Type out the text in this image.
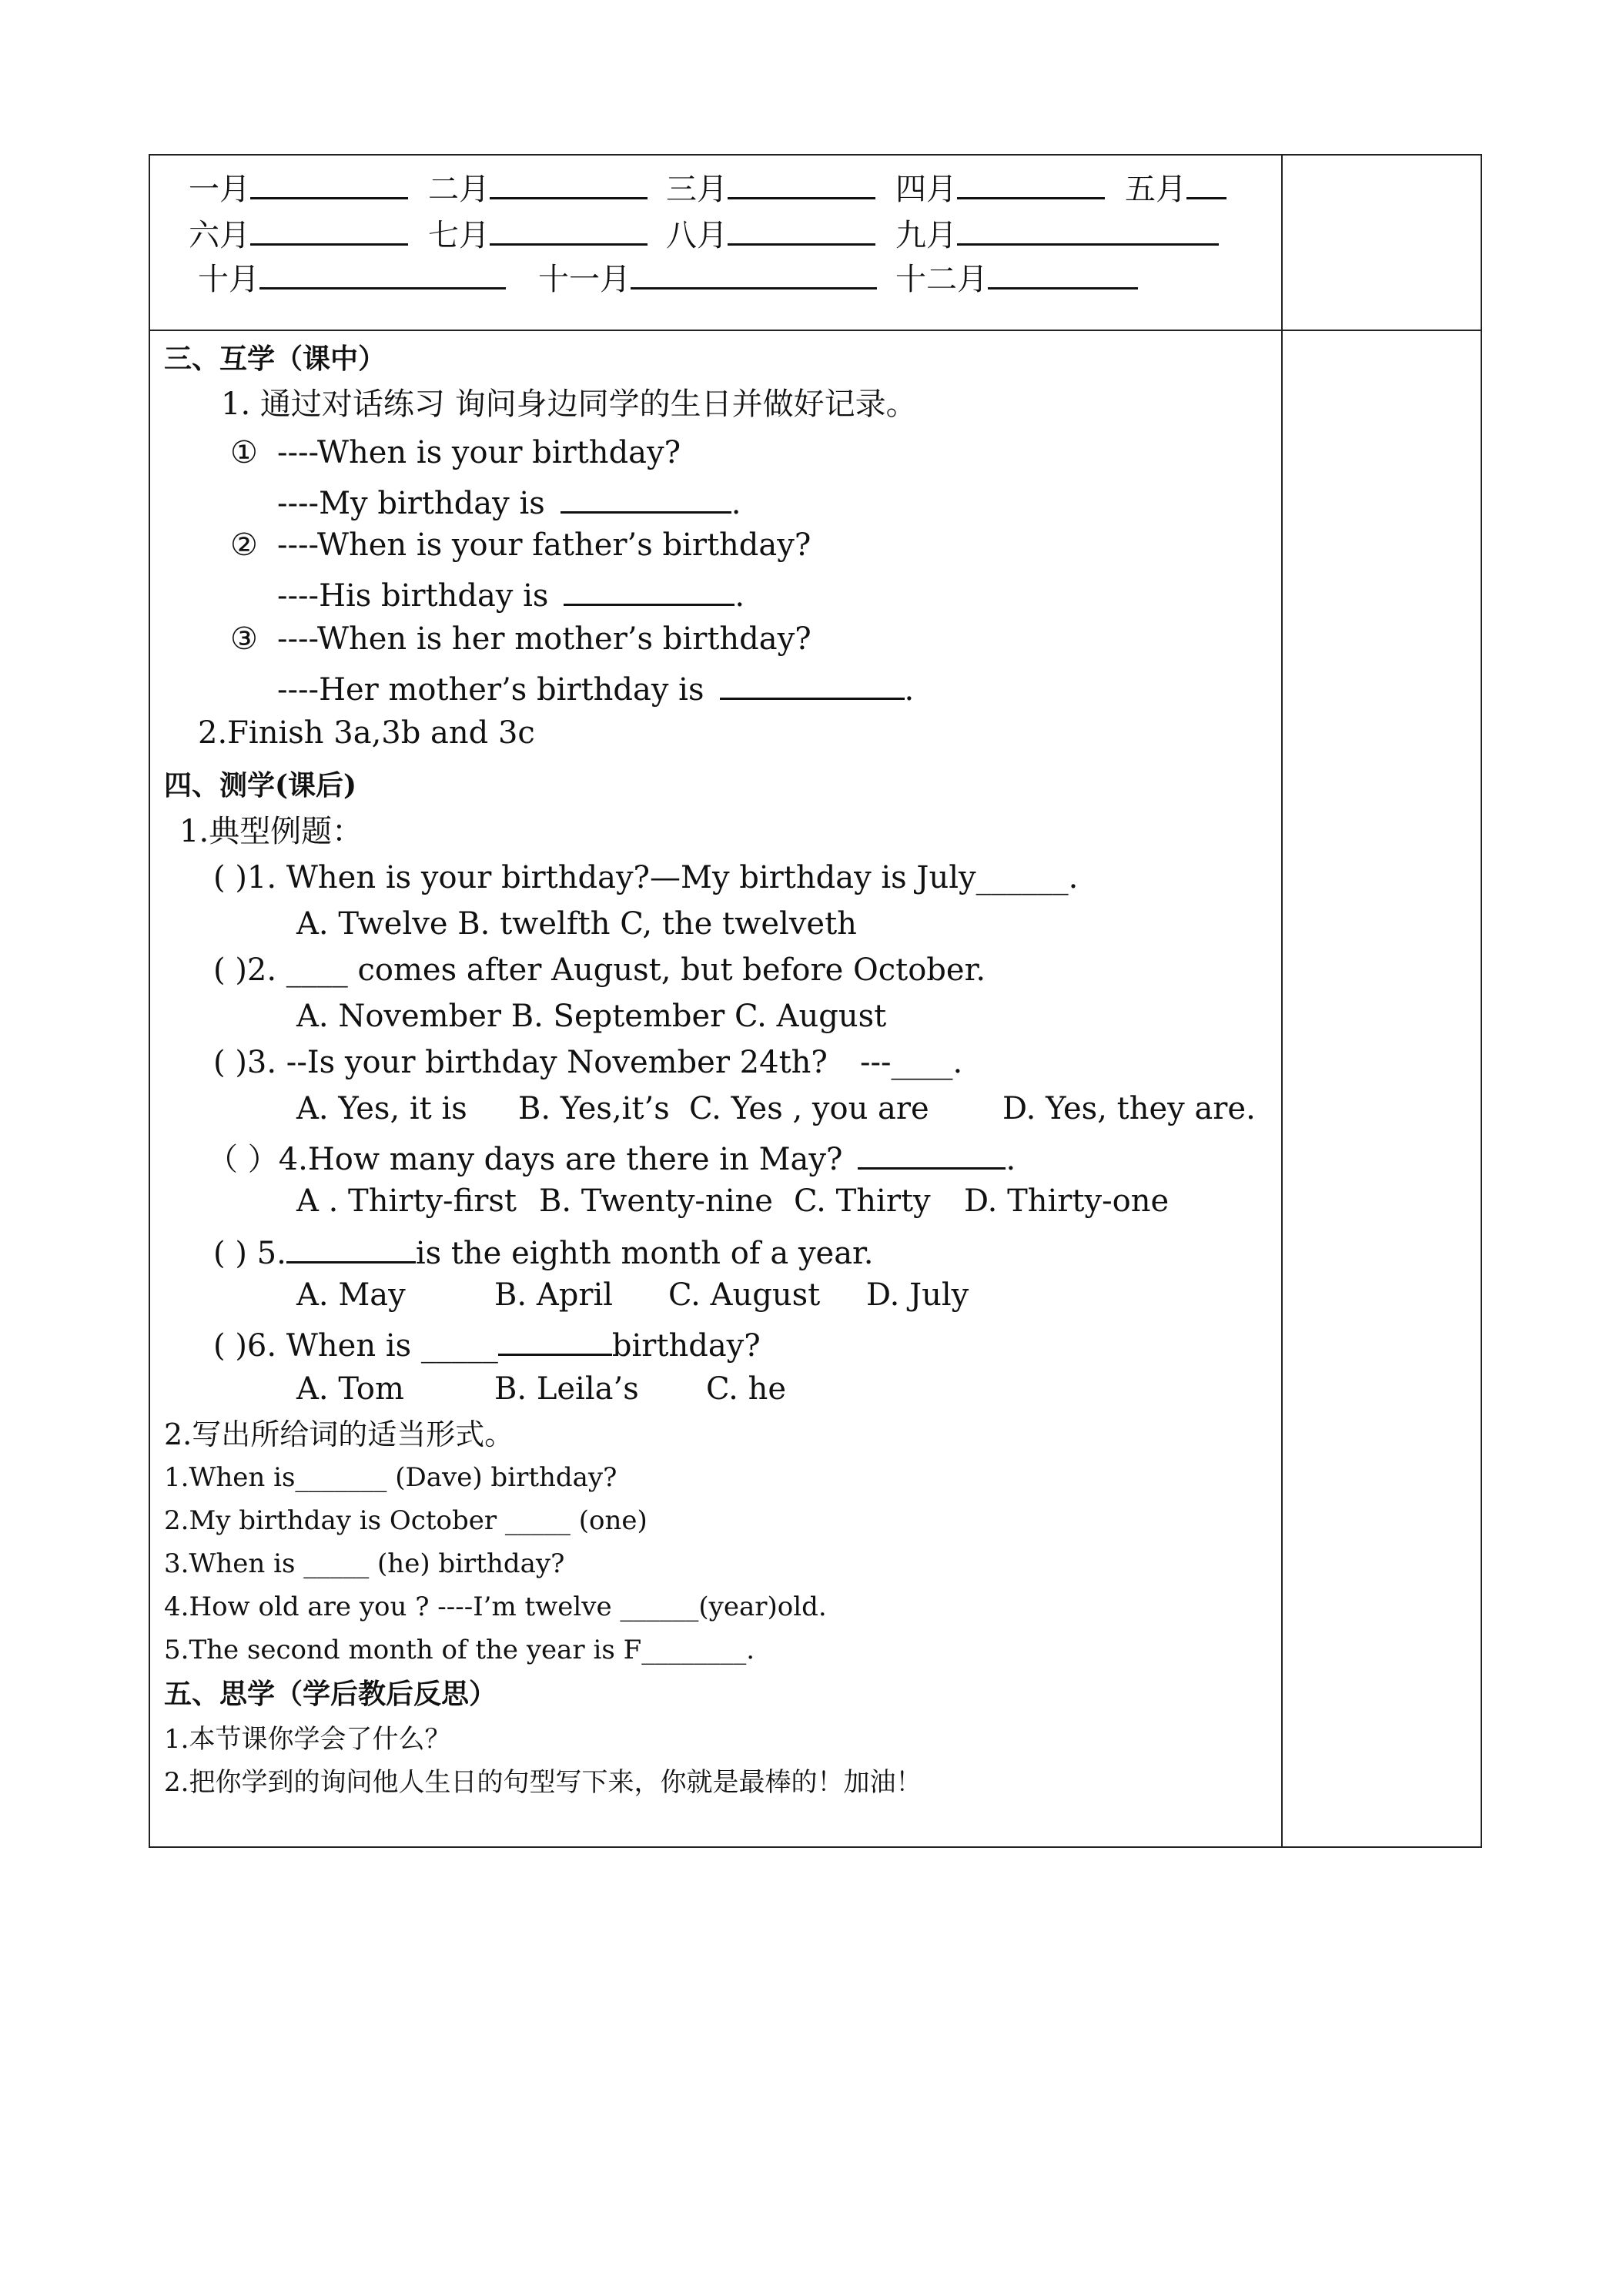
一月	二月	三月	四月	五月
六月	七月	八月	九月
十月	十一月	十二月
三、互学（课中）
1. 通过对话练习 询问身边同学的生日并做好记录。
① ----When is your birthday?
----My birthday is	.
② ----When is your father’s birthday?
----His birthday is	.
③ ----When is her mother’s birthday?
----Her mother’s birthday is	.
2.Finish 3a,3b and 3c
四、测学(课后)
1.典型例题：
( )1. When is your birthday?—My birthday is July______.
A. Twelve B. twelfth C, the twelveth
( )2. ____ comes after August, but before October.
A. November B. September C. August
( )3. --Is your birthday November 24th? ---____.
A. Yes, it is B. Yes,it’s C. Yes , you are D. Yes, they are.
（ ）4.How many days are there in May?	.
A . Thirty-first B. Twenty-nine C. Thirty D. Thirty-one
( ) 5.	is the eighth month of a year.
A. May	B. April C. August D. July
( )6. When is _____	birthday?
A. Tom	B. Leila’s C. he
2.写出所给词的适当形式。
1.When is_______ (Dave) birthday?
2.My birthday is October _____ (one)
3.When is _____ (he) birthday?
4.How old are you ? ----I’m twelve ______(year)old.
5.The second month of the year is F________.
五、思学（学后教后反思）
1.本节课你学会了什么？
2.把你学到的询问他人生日的句型写下来，你就是最棒的！加油！
